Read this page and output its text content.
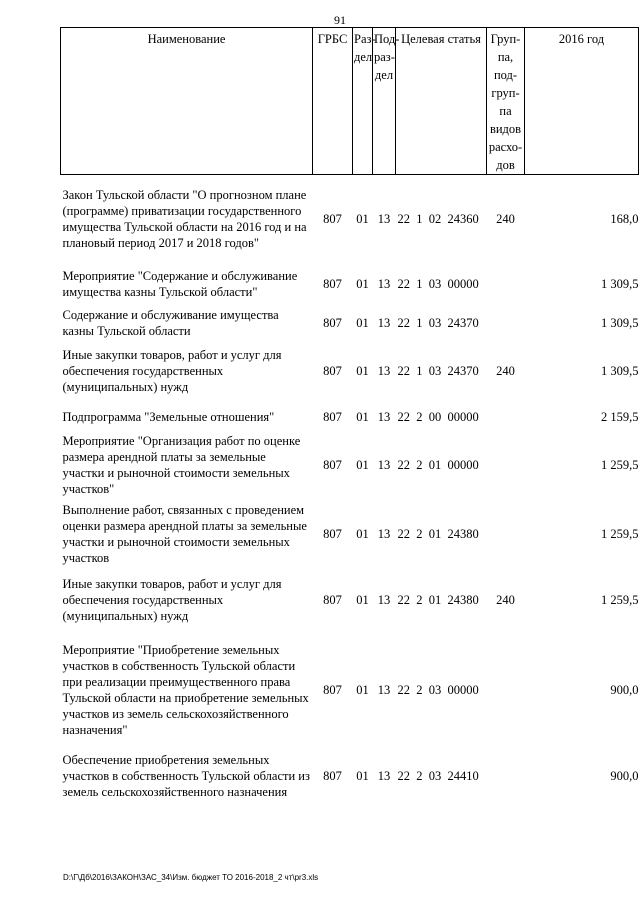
91
Наименование	ГРБС	Раз- дел	Под- раз- дел	Целевая статья	Груп- па, под- груп- па видов расхо- дов	2016 год
Закон Тульской области "О прогнозном плане (программе) приватизации государственного имущества Тульской области на 2016 год и на плановый период 2017 и 2018 годов"	807	01	13	22  1  02  24360	240	168,0
Мероприятие "Содержание и обслуживание имущества казны Тульской области"	807	01	13	22  1  03  00000		1 309,5
Содержание и обслуживание имущества казны Тульской области	807	01	13	22  1  03  24370		1 309,5
Иные закупки товаров, работ и услуг для обеспечения государственных (муниципальных) нужд	807	01	13	22  1  03  24370	240	1 309,5
Подпрограмма "Земельные отношения"	807	01	13	22  2  00  00000		2 159,5
Мероприятие "Организация работ по оценке размера арендной платы за земельные участки и рыночной стоимости земельных участков"	807	01	13	22  2  01  00000		1 259,5
Выполнение работ, связанных с проведением оценки размера арендной платы за земельные участки и рыночной стоимости земельных участков	807	01	13	22  2  01  24380		1 259,5
Иные закупки товаров, работ и услуг для обеспечения государственных (муниципальных) нужд	807	01	13	22  2  01  24380	240	1 259,5
Мероприятие "Приобретение земельных участков в собственность Тульской области при реализации преимущественного права Тульской области на приобретение земельных участков из земель сельскохозяйственного назначения"	807	01	13	22  2  03  00000		900,0
Обеспечение приобретения земельных участков в собственность Тульской области из земель сельскохозяйственного назначения	807	01	13	22  2  03  24410		900,0
D:\Г\Дб\2016\ЗАКОН\ЗАС_34\Изм. бюджет ТО 2016-2018_2 чт\pr3.xls
